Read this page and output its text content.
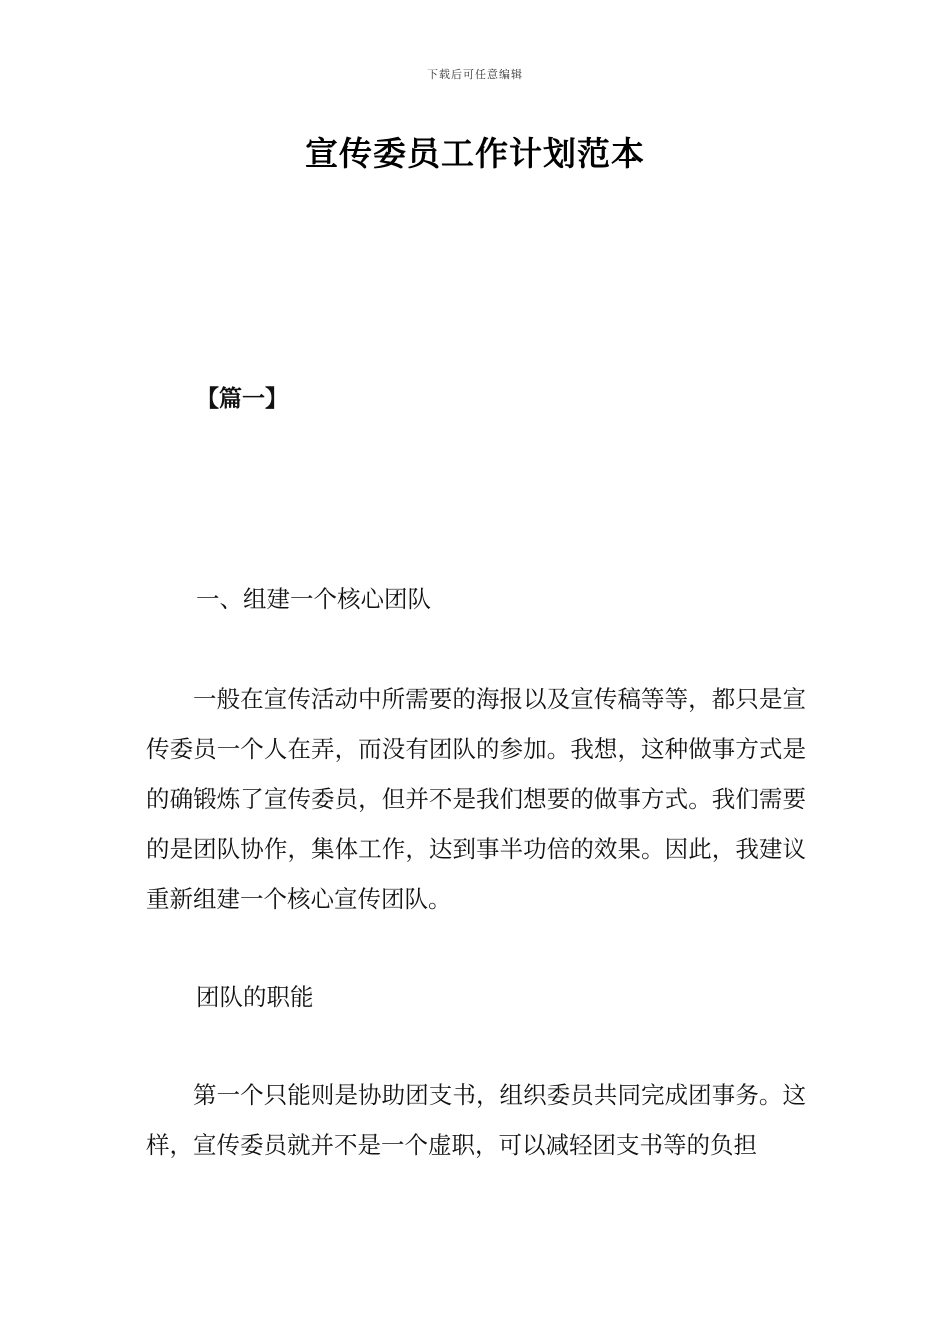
下载后可任意编辑
宣传委员工作计划范本
【篇一】
一、组建一个核心团队

一般在宣传活动中所需要的海报以及宣传稿等等，都只是宣传委员一个人在弄，而没有团队的参加。我想，这种做事方式是的确锻炼了宣传委员，但并不是我们想要的做事方式。我们需要的是团队协作，集体工作，达到事半功倍的效果。因此，我建议重新组建一个核心宣传团队。

团队的职能

第一个只能则是协助团支书，组织委员共同完成团事务。这样，宣传委员就并不是一个虚职，可以减轻团支书等的负担
